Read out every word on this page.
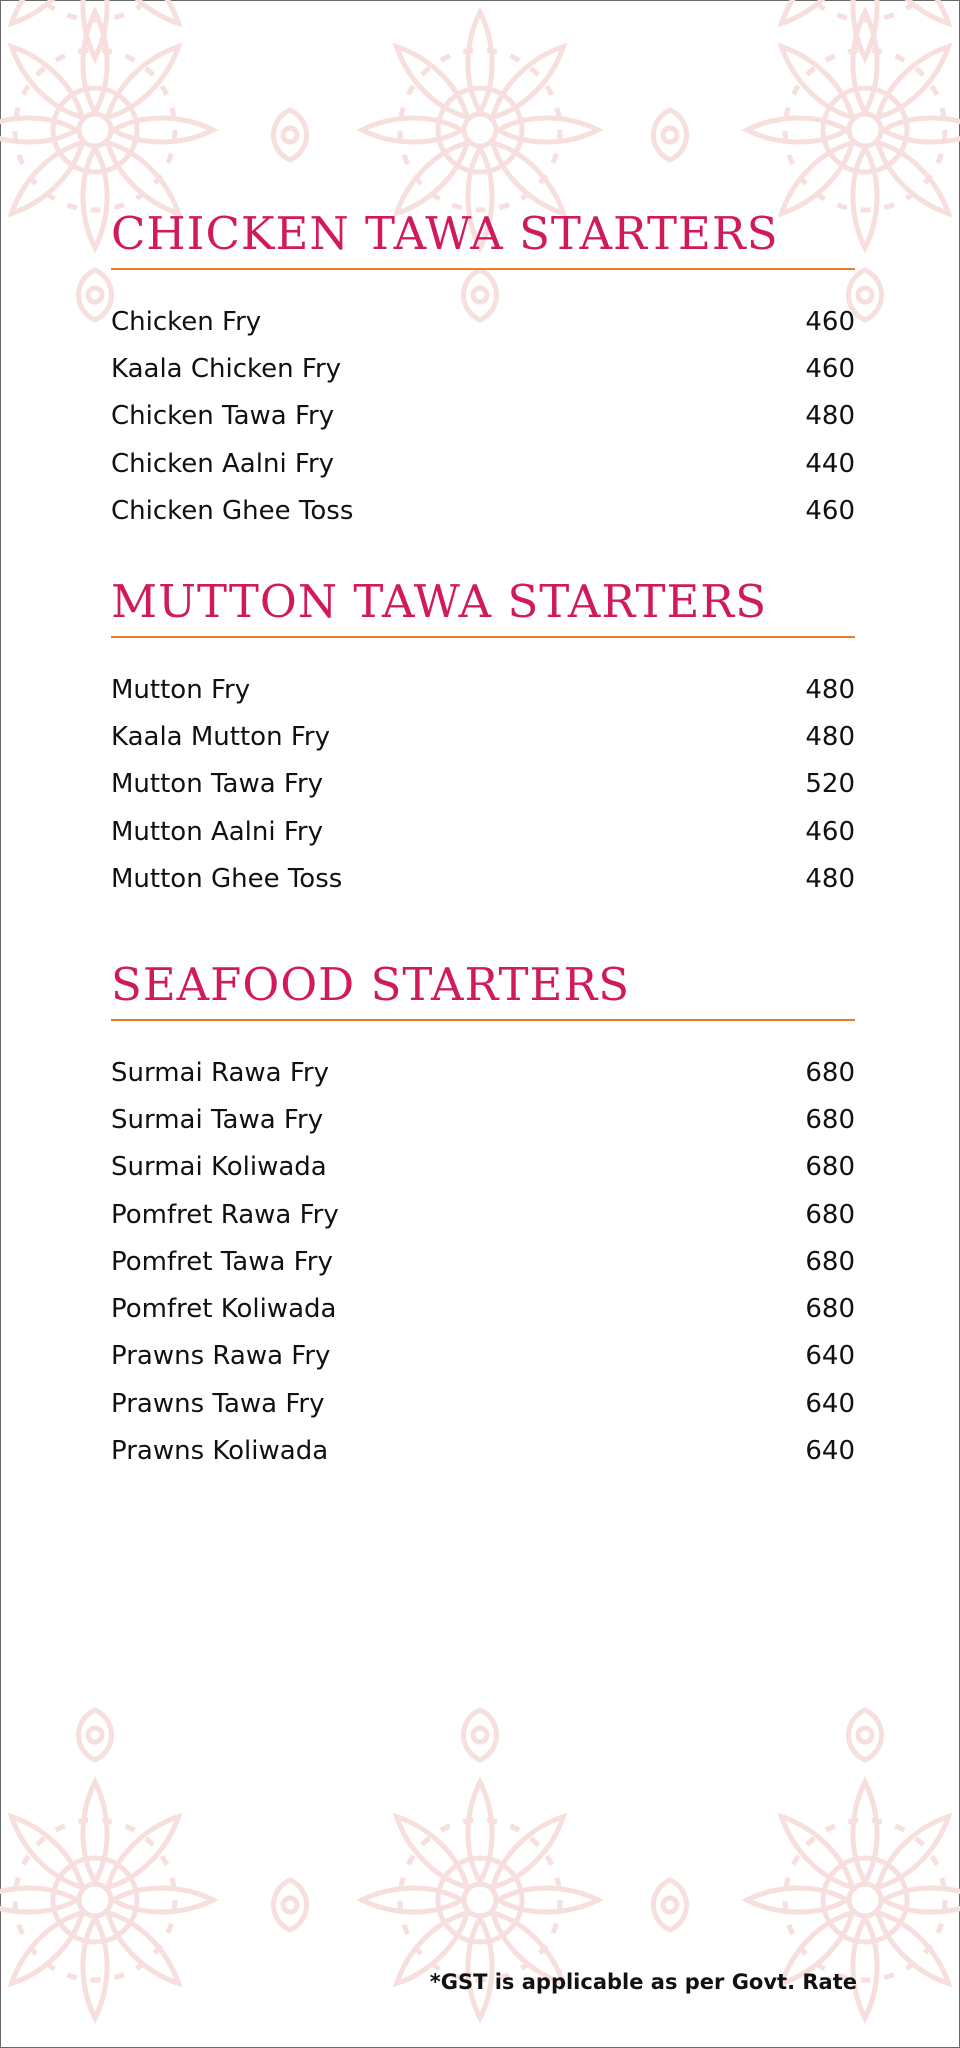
CHICKEN TAWA STARTERS
Chicken Fry	460
Kaala Chicken Fry	460
Chicken Tawa Fry	480
Chicken Aalni Fry	440
Chicken Ghee Toss	460
MUTTON TAWA STARTERS
Mutton Fry	480
Kaala Mutton Fry	480
Mutton Tawa Fry	520
Mutton Aalni Fry	460
Mutton Ghee Toss	480
SEAFOOD STARTERS
Surmai Rawa Fry	680
Surmai Tawa Fry	680
Surmai Koliwada	680
Pomfret Rawa Fry	680
Pomfret Tawa Fry	680
Pomfret Koliwada	680
Prawns Rawa Fry	640
Prawns Tawa Fry	640
Prawns Koliwada	640
*GST is applicable as per Govt. Rate
